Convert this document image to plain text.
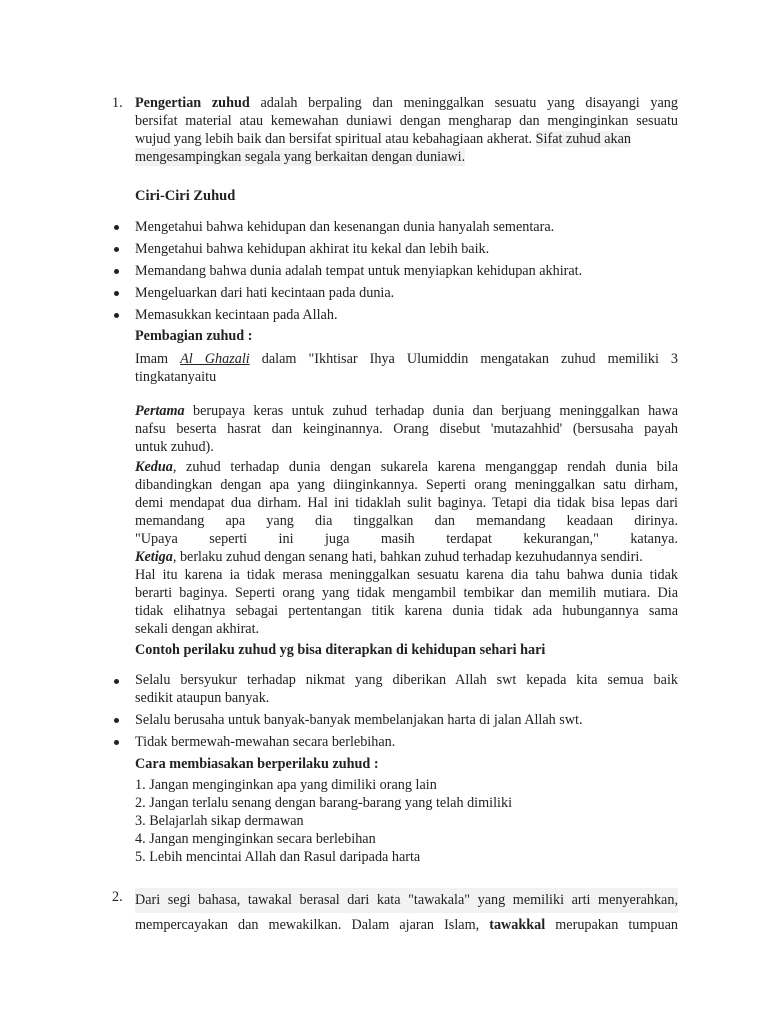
1. Pengertian zuhud adalah berpaling dan meninggalkan sesuatu yang disayangi yang
bersifat material atau kemewahan duniawi dengan mengharap dan menginginkan sesuatu
wujud yang lebih baik dan bersifat spiritual atau kebahagiaan akherat. Sifat zuhud akan
mengesampingkan segala yang berkaitan dengan duniawi.
Ciri-Ciri Zuhud
Mengetahui bahwa kehidupan dan kesenangan dunia hanyalah sementara.
Mengetahui bahwa kehidupan akhirat itu kekal dan lebih baik.
Memandang bahwa dunia adalah tempat untuk menyiapkan kehidupan akhirat.
Mengeluarkan dari hati kecintaan pada dunia.
Memasukkan kecintaan pada Allah.
Pembagian zuhud :
Imam Al Ghazali dalam "Ikhtisar Ihya Ulumiddin mengatakan zuhud memiliki 3
tingkatanyaitu
Pertama berupaya keras untuk zuhud terhadap dunia dan berjuang meninggalkan hawa
nafsu beserta hasrat dan keinginannya. Orang disebut 'mutazahhid' (bersusaha payah
untuk zuhud).
Kedua, zuhud terhadap dunia dengan sukarela karena menganggap rendah dunia bila
dibandingkan dengan apa yang diinginkannya. Seperti orang meninggalkan satu dirham,
demi mendapat dua dirham. Hal ini tidaklah sulit baginya. Tetapi dia tidak bisa lepas dari
memandang apa yang dia tinggalkan dan memandang keadaan dirinya.
"Upaya seperti ini juga masih terdapat kekurangan," katanya.
Ketiga, berlaku zuhud dengan senang hati, bahkan zuhud terhadap kezuhudannya sendiri.
Hal itu karena ia tidak merasa meninggalkan sesuatu karena dia tahu bahwa dunia tidak
berarti baginya. Seperti orang yang tidak mengambil tembikar dan memilih mutiara. Dia
tidak elihatnya sebagai pertentangan titik karena dunia tidak ada hubungannya sama
sekali dengan akhirat.
Contoh perilaku zuhud yg bisa diterapkan di kehidupan sehari hari
Selalu bersyukur terhadap nikmat yang diberikan Allah swt kepada kita semua baik
sedikit ataupun banyak.
Selalu berusaha untuk banyak-banyak membelanjakan harta di jalan Allah swt.
Tidak bermewah-mewahan secara berlebihan.
Cara membiasakan berperilaku zuhud :
1. Jangan menginginkan apa yang dimiliki orang lain
2. Jangan terlalu senang dengan barang-barang yang telah dimiliki
3. Belajarlah sikap dermawan
4. Jangan menginginkan secara berlebihan
5. Lebih mencintai Allah dan Rasul daripada harta
2. Dari segi bahasa, tawakal berasal dari kata "tawakala" yang memiliki arti menyerahkan,
mempercayakan dan mewakilkan. Dalam ajaran Islam, tawakkal merupakan tumpuan
